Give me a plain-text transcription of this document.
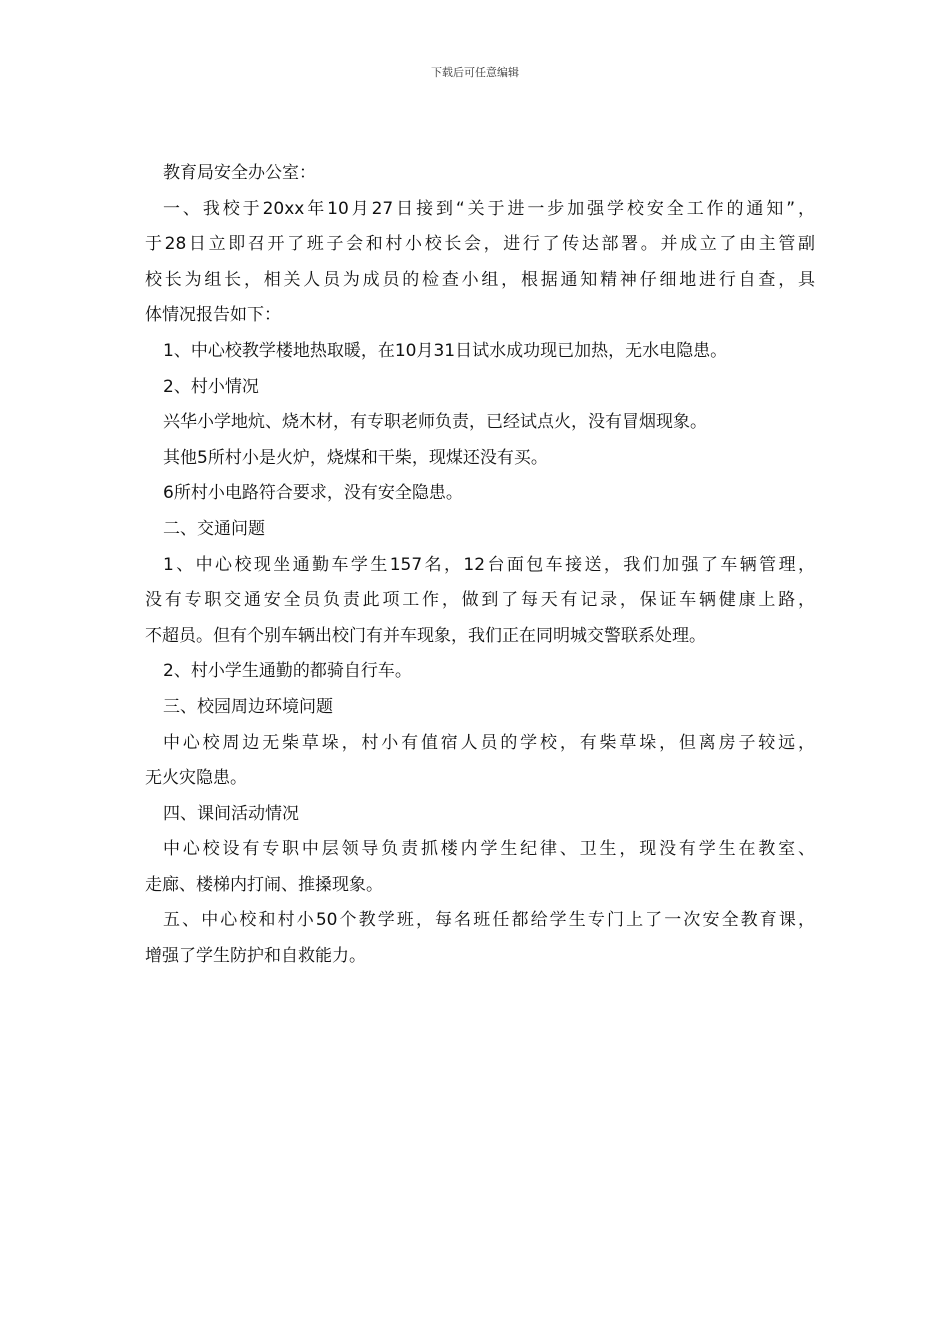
下载后可任意编辑

教育局安全办公室：

一、我校于20xx年10月27日接到“关于进一步加强学校安全工作的通知”，

于28日立即召开了班子会和村小校长会，进行了传达部署。并成立了由主管副

校长为组长，相关人员为成员的检查小组，根据通知精神仔细地进行自查，具

体情况报告如下：

1、中心校教学楼地热取暖，在10月31日试水成功现已加热，无水电隐患。

2、村小情况

兴华小学地炕、烧木材，有专职老师负责，已经试点火，没有冒烟现象。

其他5所村小是火炉，烧煤和干柴，现煤还没有买。

6所村小电路符合要求，没有安全隐患。

二、交通问题

1、中心校现坐通勤车学生157名，12台面包车接送，我们加强了车辆管理，

没有专职交通安全员负责此项工作，做到了每天有记录，保证车辆健康上路，

不超员。但有个别车辆出校门有并车现象，我们正在同明城交警联系处理。

2、村小学生通勤的都骑自行车。

三、校园周边环境问题

中心校周边无柴草垛，村小有值宿人员的学校，有柴草垛，但离房子较远，

无火灾隐患。

四、课间活动情况

中心校设有专职中层领导负责抓楼内学生纪律、卫生，现没有学生在教室、

走廊、楼梯内打闹、推搡现象。

五、中心校和村小50个教学班，每名班任都给学生专门上了一次安全教育课，

增强了学生防护和自救能力。
